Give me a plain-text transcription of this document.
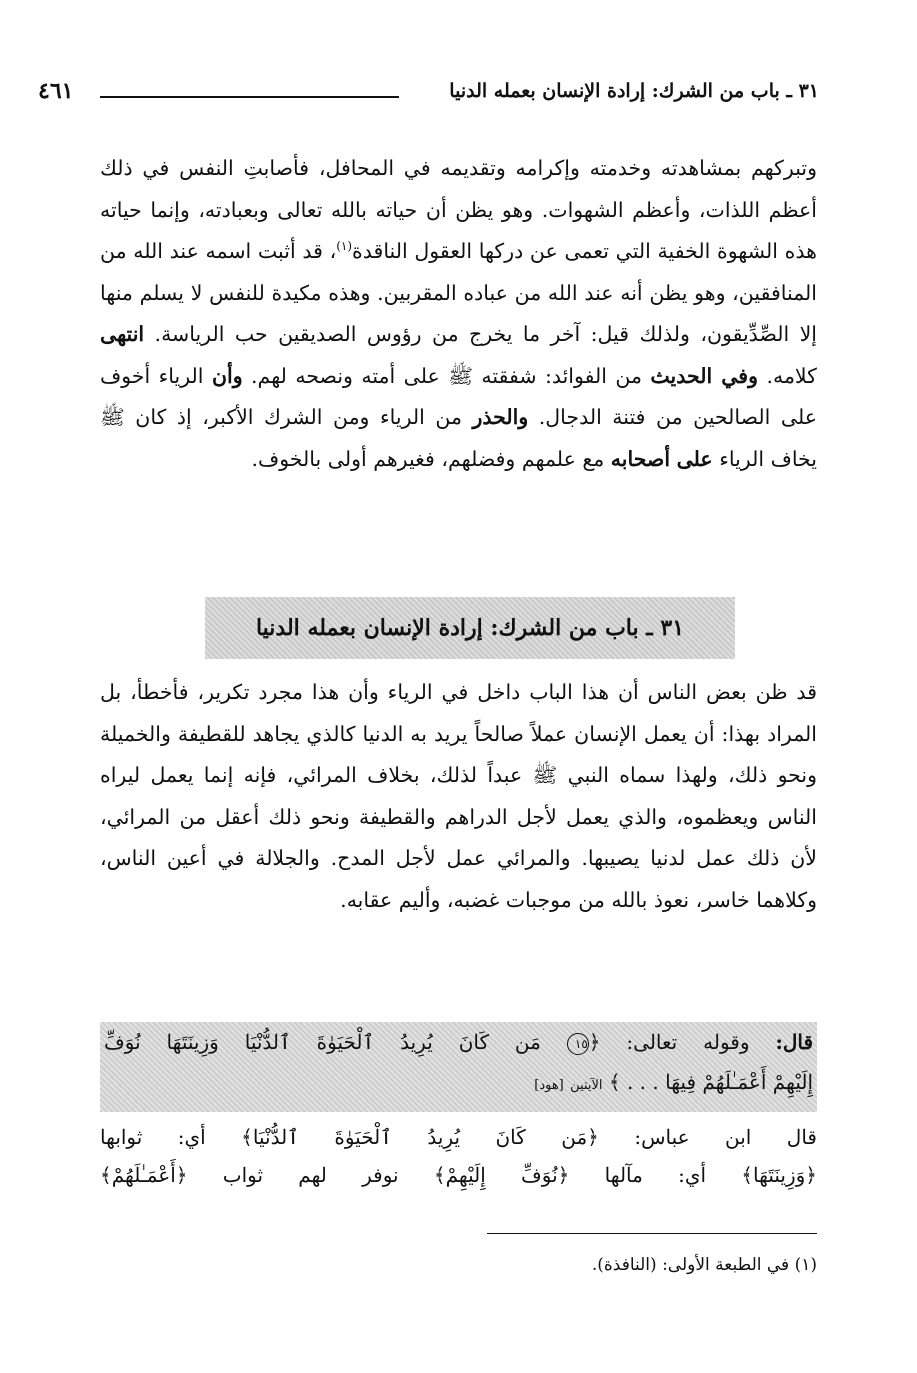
٣١ ـ باب من الشرك: إرادة الإنسان بعمله الدنيا
٤٦١
وتبركهم بمشاهدته وخدمته وإكرامه وتقديمه في المحافل، فأصابتِ النفس في ذلك أعظم اللذات، وأعظم الشهوات. وهو يظن أن حياته بالله تعالى وبعبادته، وإنما حياته هذه الشهوة الخفية التي تعمى عن دركها العقول الناقدة$^{(١)}$، قد أثبت اسمه عند الله من المنافقين، وهو يظن أنه عند الله من عباده المقربين. وهذه مكيدة للنفس لا يسلم منها إلا الصِّدِّيقون، ولذلك قيل: آخر ما يخرج من رؤوس الصديقين حب الرياسة. انتهى كلامه. وفي الحديث من الفوائد: شفقته ﷺ على أمته ونصحه لهم. وأن الرياء أخوف على الصالحين من فتنة الدجال. والحذر من الرياء ومن الشرك الأكبر، إذ كان ﷺ يخاف الرياء على أصحابه مع علمهم وفضلهم، فغيرهم أولى بالخوف.
٣١ ـ باب من الشرك: إرادة الإنسان بعمله الدنيا
قد ظن بعض الناس أن هذا الباب داخل في الرياء وأن هذا مجرد تكرير، فأخطأ، بل المراد بهذا: أن يعمل الإنسان عملاً صالحاً يريد به الدنيا كالذي يجاهد للقطيفة والخميلة ونحو ذلك، ولهذا سماه النبي ﷺ عبداً لذلك، بخلاف المرائي، فإنه إنما يعمل ليراه الناس ويعظموه، والذي يعمل لأجل الدراهم والقطيفة ونحو ذلك أعقل من المرائي، لأن ذلك عمل لدنيا يصيبها. والمرائي عمل لأجل المدح. والجلالة في أعين الناس، وكلاهما خاسر، نعوذ بالله من موجبات غضبه، وأليم عقابه.
قال: وقوله تعالى: ﴿١٥ مَن كَانَ يُرِيدُ ٱلْحَيَوٰةَ ٱلدُّنْيَا وَزِينَتَهَا نُوَفِّ
إِلَيْهِمْ أَعْمَـٰلَهُمْ فِيهَا . . . ﴾ الآيتين [هود]
قال ابن عباس: ﴿مَن كَانَ يُرِيدُ ٱلْحَيَوٰةَ ٱلدُّنْيَا﴾ أي: ثوابها
﴿وَزِينَتَهَا﴾ أي: مآلها ﴿نُوَفِّ إِلَيْهِمْ﴾ نوفر لهم ثواب ﴿أَعْمَـٰلَهُمْ﴾
(١) في الطبعة الأولى: (النافذة).
